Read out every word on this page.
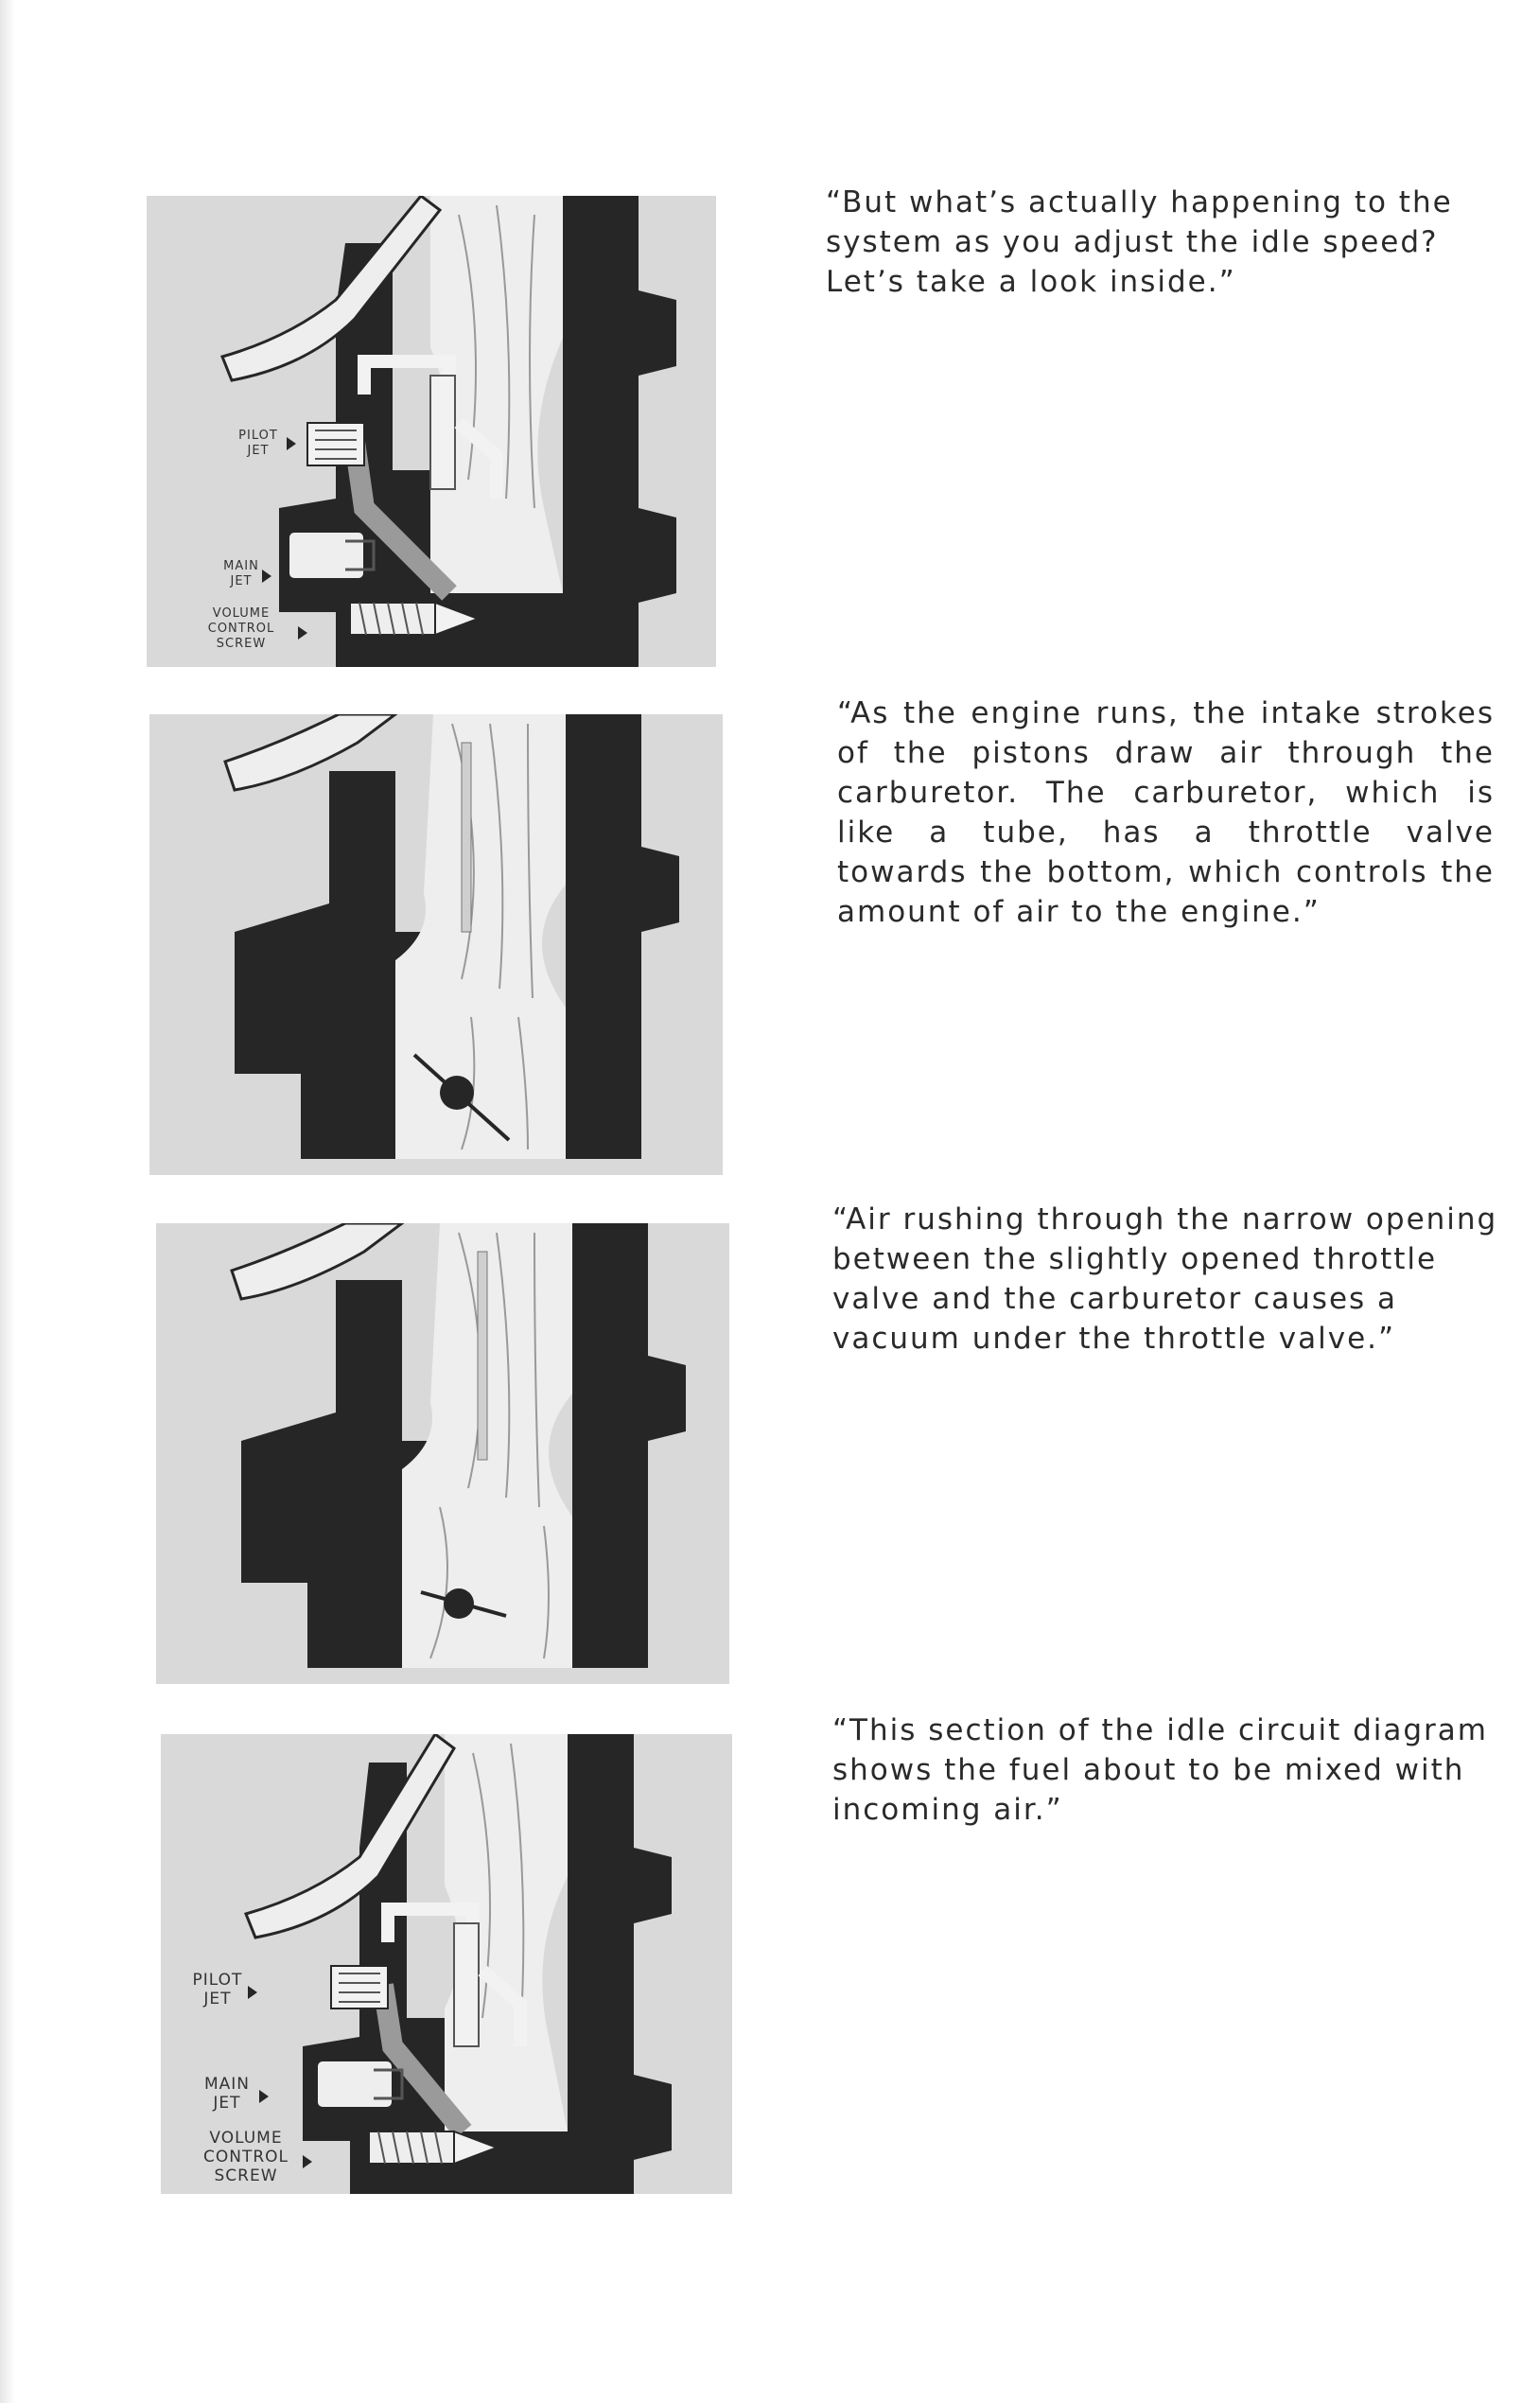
PILOT JET
MAIN JET
VOLUME CONTROL SCREW

“But what’s actually happening to the system as you adjust the idle speed? Let’s take a look inside.”

“As the engine runs, the intake strokes of the pistons draw air through the carburetor. The carburetor, which is like a tube, has a throttle valve towards the bottom, which controls the amount of air to the engine.”

“Air rushing through the narrow opening between the slightly opened throttle valve and the carburetor causes a vacuum under the throttle valve.”

PILOT JET
MAIN JET
VOLUME CONTROL SCREW

“This section of the idle circuit diagram shows the fuel about to be mixed with incoming air.”
